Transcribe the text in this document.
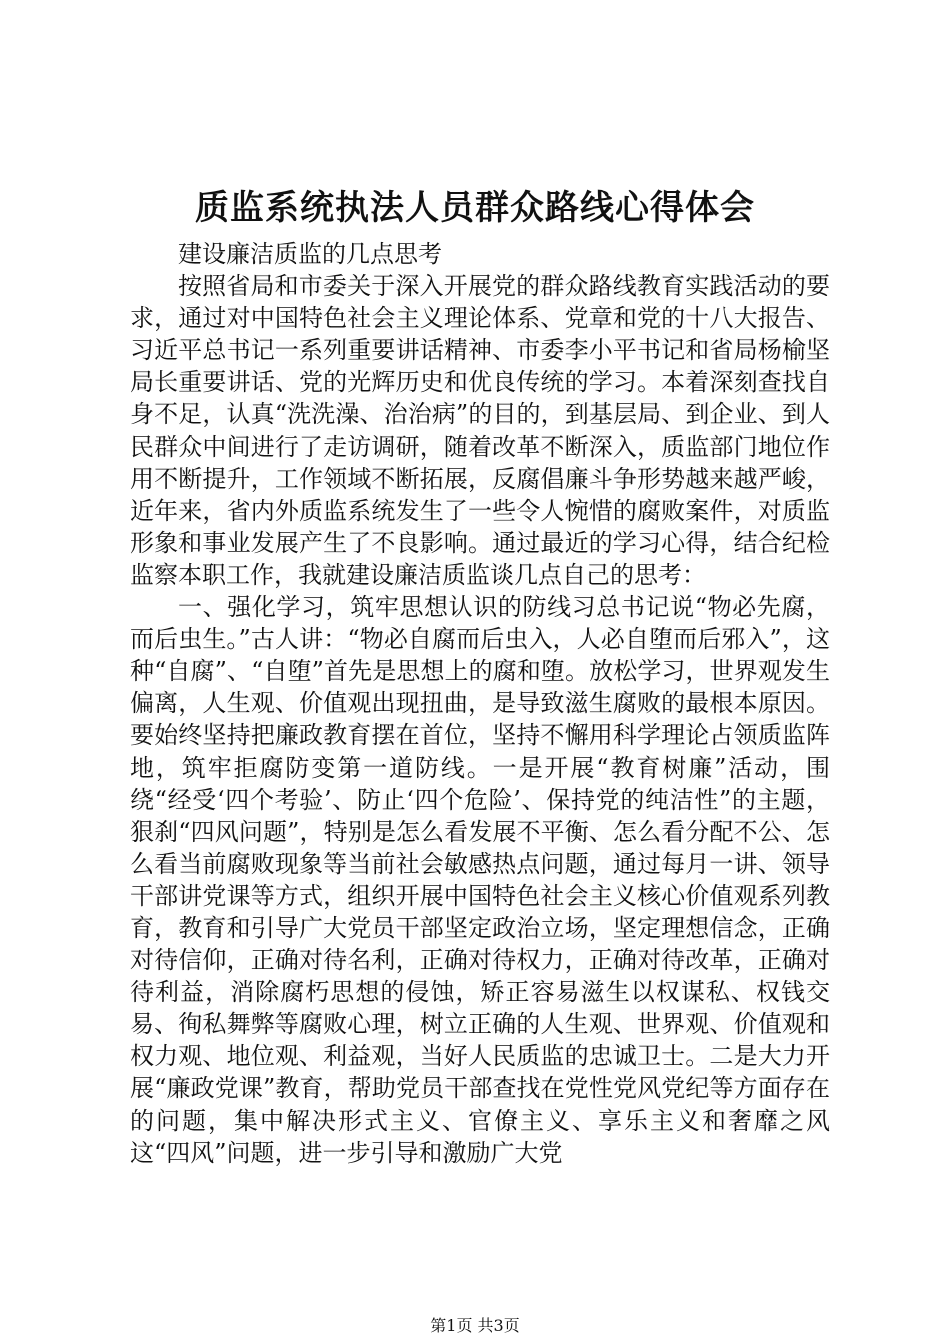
质监系统执法人员群众路线心得体会

建设廉洁质监的几点思考

按照省局和市委关于深入开展党的群众路线教育实践活动的要求，通过对中国特色社会主义理论体系、党章和党的十八大报告、习近平总书记一系列重要讲话精神、市委李小平书记和省局杨榆坚局长重要讲话、党的光辉历史和优良传统的学习。本着深刻查找自身不足，认真“洗洗澡、治治病”的目的，到基层局、到企业、到人民群众中间进行了走访调研，随着改革不断深入，质监部门地位作用不断提升，工作领域不断拓展，反腐倡廉斗争形势越来越严峻，近年来，省内外质监系统发生了一些令人惋惜的腐败案件，对质监形象和事业发展产生了不良影响。通过最近的学习心得，结合纪检监察本职工作，我就建设廉洁质监谈几点自己的思考：

一、强化学习，筑牢思想认识的防线习总书记说“物必先腐，而后虫生。”古人讲：“物必自腐而后虫入，人必自堕而后邪入”，这种“自腐”、“自堕”首先是思想上的腐和堕。放松学习，世界观发生偏离，人生观、价值观出现扭曲，是导致滋生腐败的最根本原因。要始终坚持把廉政教育摆在首位，坚持不懈用科学理论占领质监阵地，筑牢拒腐防变第一道防线。一是开展“教育树廉”活动，围绕“经受‘四个考验’、防止‘四个危险’、保持党的纯洁性”的主题，狠刹“四风问题”，特别是怎么看发展不平衡、怎么看分配不公、怎么看当前腐败现象等当前社会敏感热点问题，通过每月一讲、领导干部讲党课等方式，组织开展中国特色社会主义核心价值观系列教育，教育和引导广大党员干部坚定政治立场，坚定理想信念，正确对待信仰，正确对待名利，正确对待权力，正确对待改革，正确对待利益，消除腐朽思想的侵蚀，矫正容易滋生以权谋私、权钱交易、徇私舞弊等腐败心理，树立正确的人生观、世界观、价值观和权力观、地位观、利益观，当好人民质监的忠诚卫士。二是大力开展“廉政党课”教育，帮助党员干部查找在党性党风党纪等方面存在的问题，集中解决形式主义、官僚主义、享乐主义和奢靡之风这“四风”问题，进一步引导和激励广大党

第1页 共3页
